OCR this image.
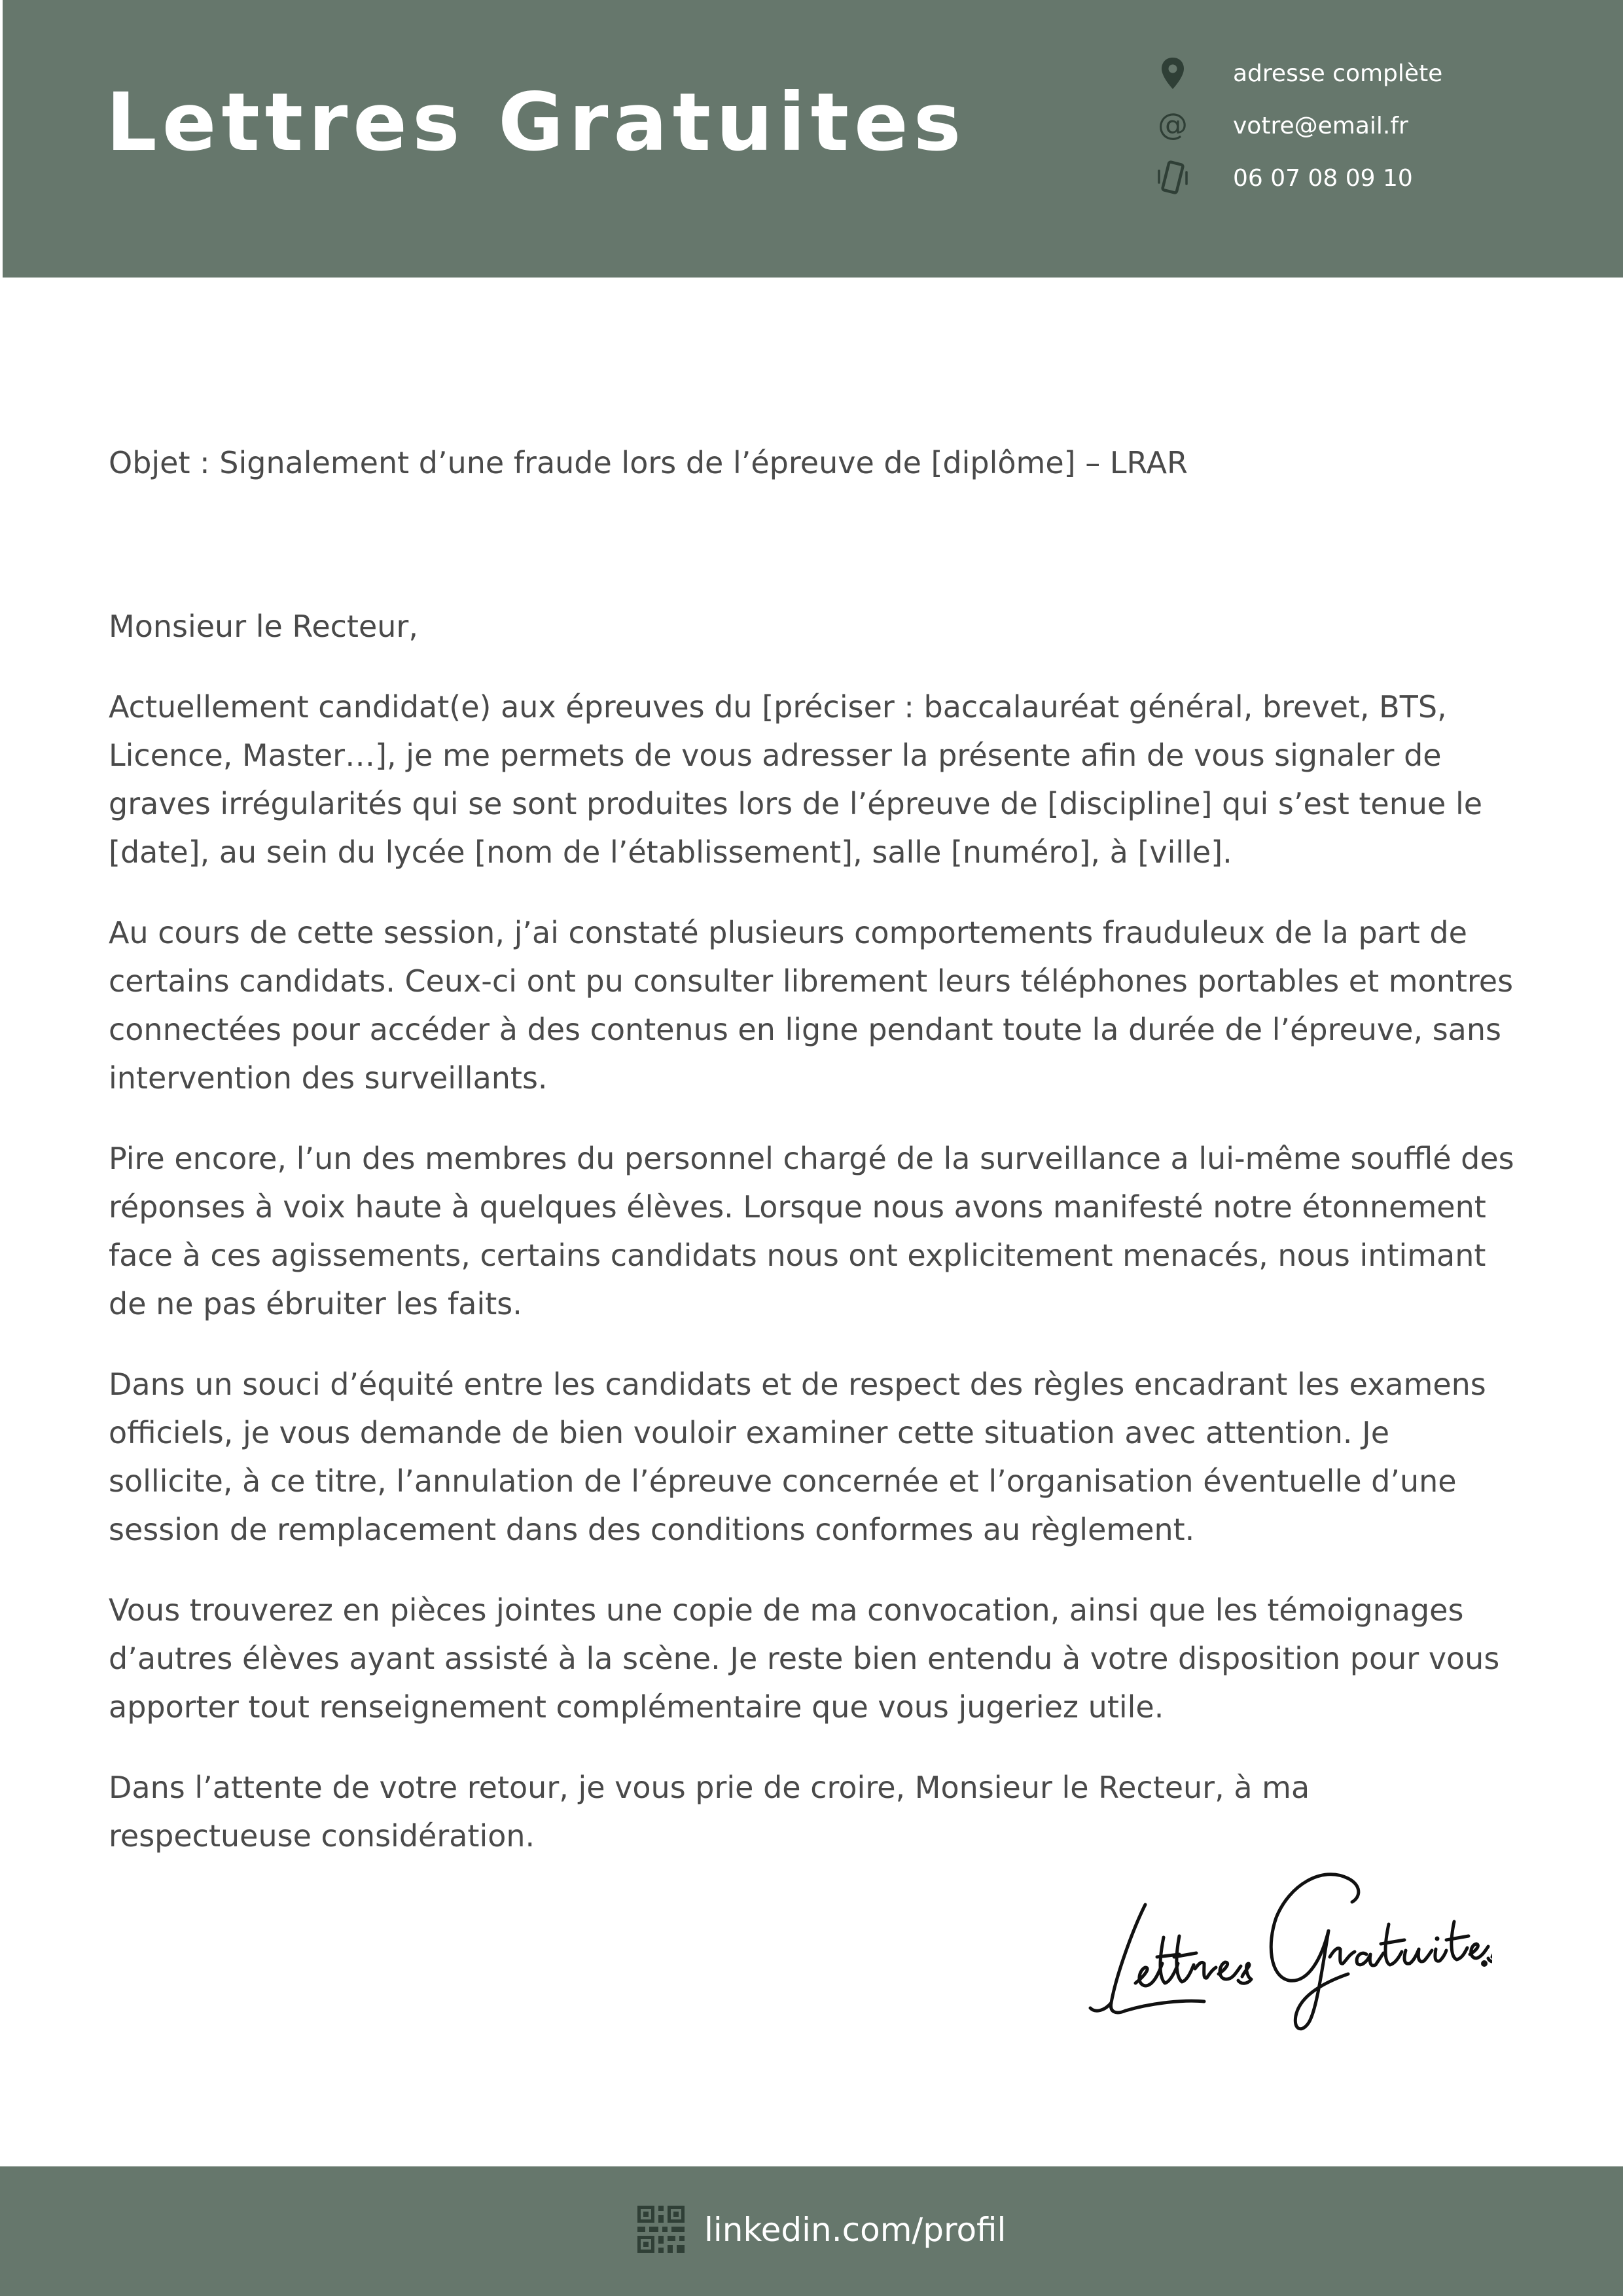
Lettres Gratuites
adresse complète
@ votre@email.fr
06 07 08 09 10
Objet : Signalement d’une fraude lors de l’épreuve de [diplôme] – LRAR

Monsieur le Recteur,

Actuellement candidat(e) aux épreuves du [préciser : baccalauréat général, brevet, BTS, Licence, Master…], je me permets de vous adresser la présente afin de vous signaler de graves irrégularités qui se sont produites lors de l’épreuve de [discipline] qui s’est tenue le [date], au sein du lycée [nom de l’établissement], salle [numéro], à [ville].

Au cours de cette session, j’ai constaté plusieurs comportements frauduleux de la part de certains candidats. Ceux-ci ont pu consulter librement leurs téléphones portables et montres connectées pour accéder à des contenus en ligne pendant toute la durée de l’épreuve, sans intervention des surveillants.

Pire encore, l’un des membres du personnel chargé de la surveillance a lui-même soufflé des réponses à voix haute à quelques élèves. Lorsque nous avons manifesté notre étonnement face à ces agissements, certains candidats nous ont explicitement menacés, nous intimant de ne pas ébruiter les faits.

Dans un souci d’équité entre les candidats et de respect des règles encadrant les examens officiels, je vous demande de bien vouloir examiner cette situation avec attention. Je sollicite, à ce titre, l’annulation de l’épreuve concernée et l’organisation éventuelle d’une session de remplacement dans des conditions conformes au règlement.

Vous trouverez en pièces jointes une copie de ma convocation, ainsi que les témoignages d’autres élèves ayant assisté à la scène. Je reste bien entendu à votre disposition pour vous apporter tout renseignement complémentaire que vous jugeriez utile.

Dans l’attente de votre retour, je vous prie de croire, Monsieur le Recteur, à ma respectueuse considération.

linkedin.com/profil
